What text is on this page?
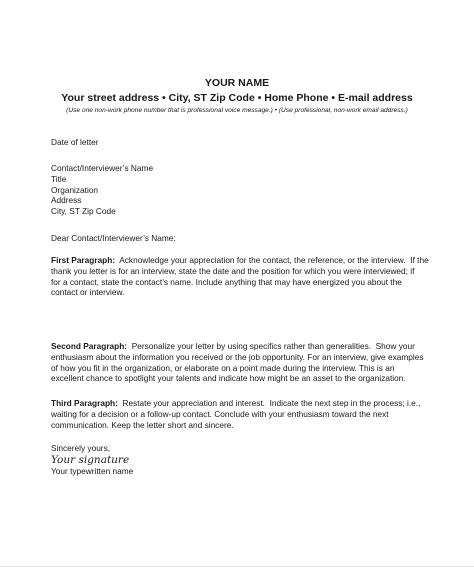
YOUR NAME
Your street address • City, ST Zip Code • Home Phone • E-mail address
(Use one non-work phone number that is professional voice message.) • (Use professional, non-work email address.)
Date of letter
Contact/Interviewer’s Name
Title
Organization
Address
City, ST Zip Code
Dear Contact/Interviewer’s Name:
First Paragraph:  Acknowledge your appreciation for the contact, the reference, or the interview.  If the
thank you letter is for an interview, state the date and the position for which you were interviewed; if
for a contact, state the contact’s name. Include anything that may have energized you about the
contact or interview.
Second Paragraph:  Personalize your letter by using specifics rather than generalities.  Show your
enthusiasm about the information you received or the job opportunity. For an interview, give examples
of how you fit in the organization, or elaborate on a point made during the interview. This is an
excellent chance to spotlight your talents and indicate how might be an asset to the organization.
Third Paragraph:  Restate your appreciation and interest.  Indicate the next step in the process; i.e.,
waiting for a decision or a follow-up contact. Conclude with your enthusiasm toward the next
communication. Keep the letter short and sincere.
Sincerely yours,
Your signature
Your typewritten name
